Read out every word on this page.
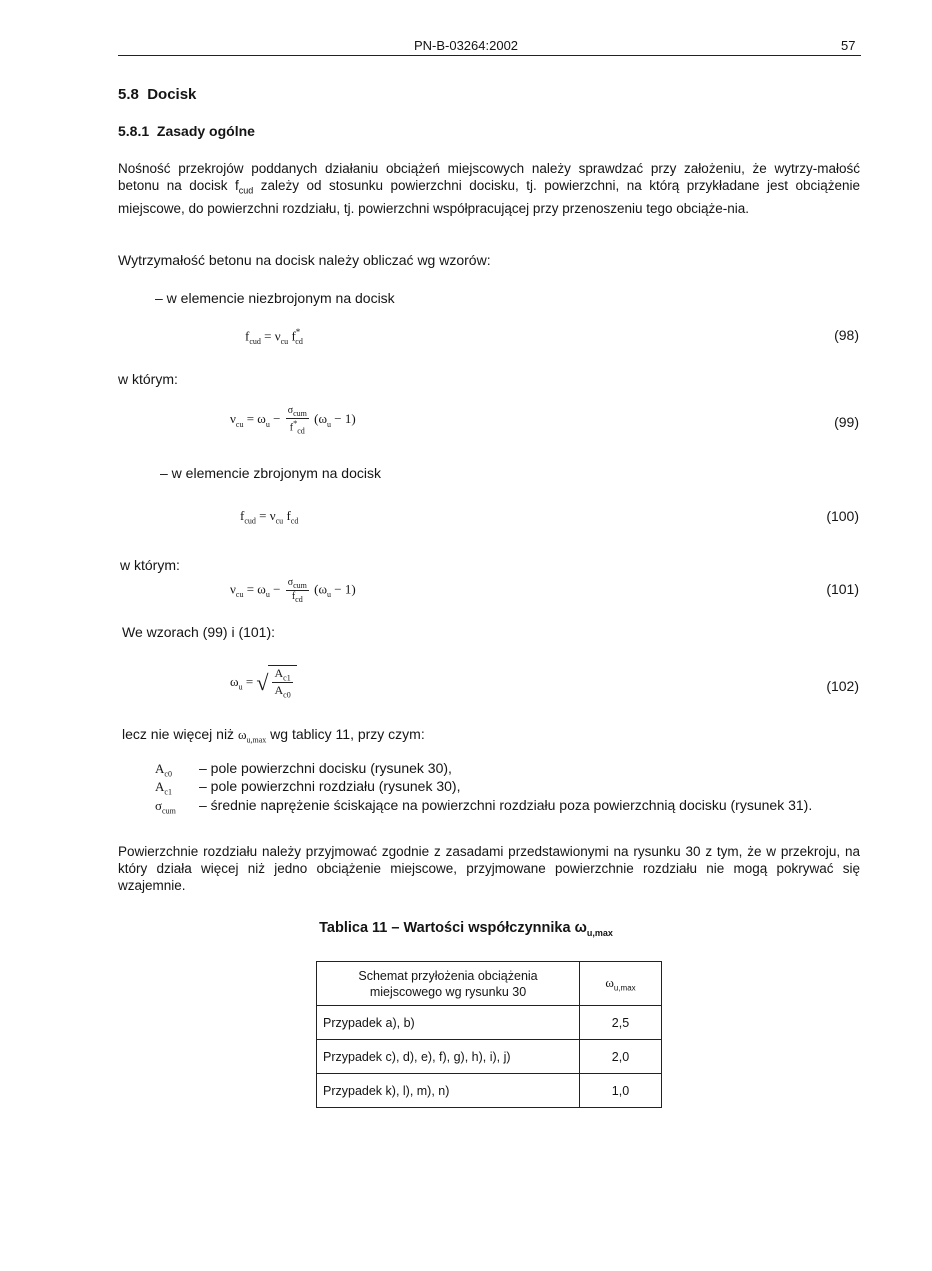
PN-B-03264:2002	57
5.8 Docisk
5.8.1 Zasady ogólne
Nośność przekrojów poddanych działaniu obciążeń miejscowych należy sprawdzać przy założeniu, że wytrzy-małość betonu na docisk $f_{cud}$ zależy od stosunku powierzchni docisku, tj. powierzchni, na którą przykładane jest obciążenie miejscowe, do powierzchni rozdziału, tj. powierzchni współpracującej przy przenoszeniu tego obciąże-nia.
Wytrzymałość betonu na docisk należy obliczać wg wzorów:
– w elemencie niezbrojonym na docisk
$f_{cud} = \nu_{cu}$ $f^*_{cd}$	(98)
w którym:
$\nu_{cu} = \omega_u - \frac{\sigma_{cum}}{f^*_{cd}} (\omega_u - 1)$	(99)
– w elemencie zbrojonym na docisk
$f_{cud} = \nu_{cu}$ $f_{cd}$	(100)
w którym:
$\nu_{cu} = \omega_u - \frac{\sigma_{cum}}{f_{cd}} (\omega_u - 1)$	(101)
We wzorach (99) i (101):
$\omega_u$ = √ $\frac{A_{c1}}{A_{c0}}$	(102)
lecz nie więcej niż $\omega_{u,max}$ wg tablicy 11, przy czym:
$A_{c0}$ – pole powierzchni docisku (rysunek 30),
$A_{c1}$ – pole powierzchni rozdziału (rysunek 30),
$\sigma_{cum}$ – średnie naprężenie ściskające na powierzchni rozdziału poza powierzchnią docisku (rysunek 31).
Powierzchnie rozdziału należy przyjmować zgodnie z zasadami przedstawionymi na rysunku 30 z tym, że w przekroju, na który działa więcej niż jedno obciążenie miejscowe, przyjmowane powierzchnie rozdziału nie mogą pokrywać się wzajemnie.
Tablica 11 – Wartości współczynnika $\omega_{u,max}$
Schemat przyłożenia obciążenia miejscowego wg rysunku 30	$\omega_{u,max}$
Przypadek a), b)	2,5
Przypadek c), d), e), f), g), h), i), j)	2,0
Przypadek k), l), m), n)	1,0
